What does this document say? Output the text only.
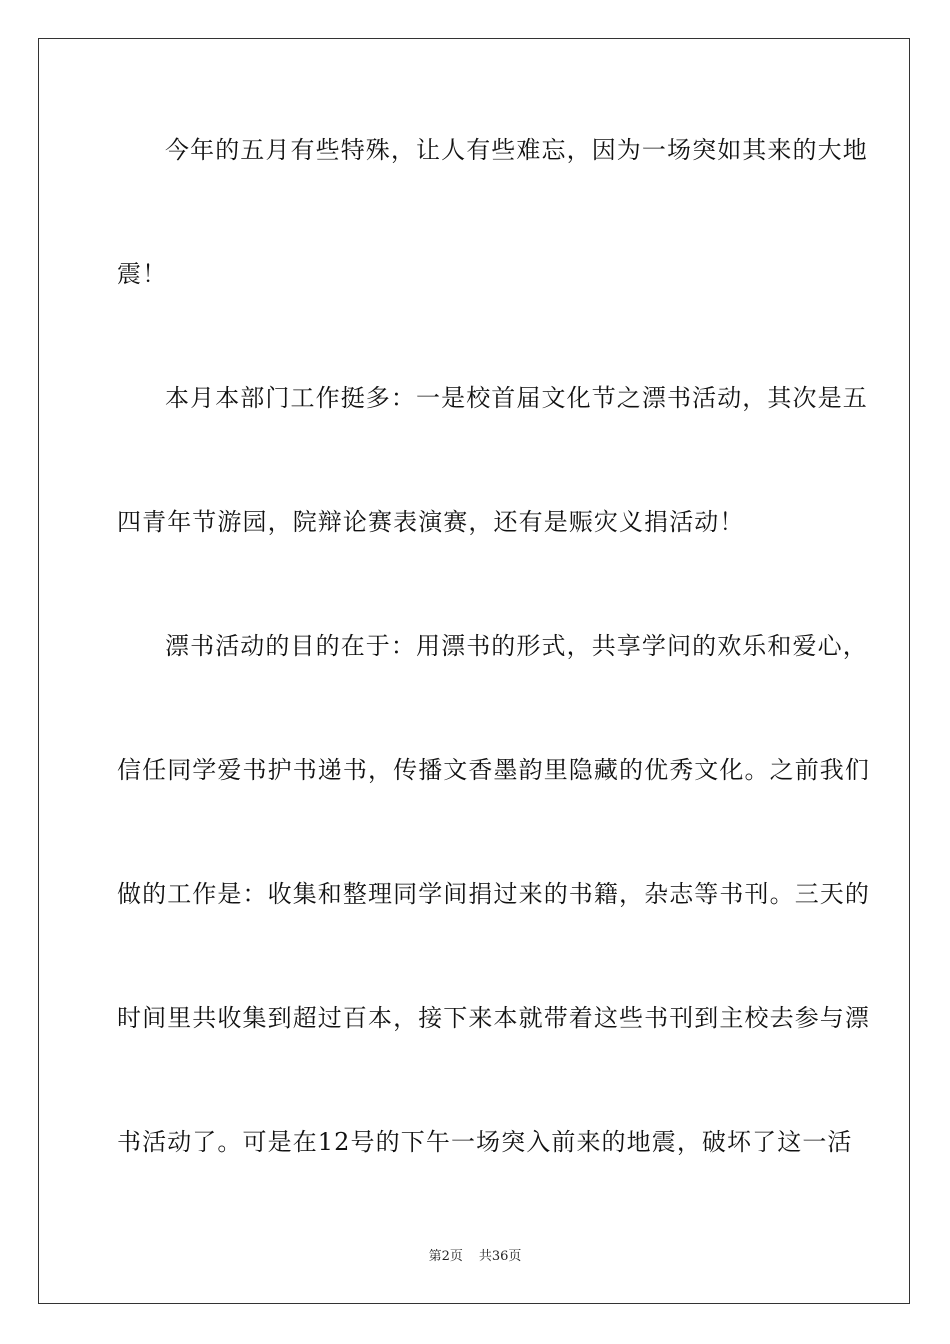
今年的五月有些特殊，让人有些难忘，因为一场突如其来的大地
震！
本月本部门工作挺多：一是校首届文化节之漂书活动，其次是五
四青年节游园，院辩论赛表演赛，还有是赈灾义捐活动！
漂书活动的目的在于：用漂书的形式，共享学问的欢乐和爱心，
信任同学爱书护书递书，传播文香墨韵里隐藏的优秀文化。之前我们
做的工作是：收集和整理同学间捐过来的书籍，杂志等书刊。三天的
时间里共收集到超过百本，接下来本就带着这些书刊到主校去参与漂
书活动了。可是在12号的下午一场突入前来的地震，破坏了这一活
第2页 共36页
